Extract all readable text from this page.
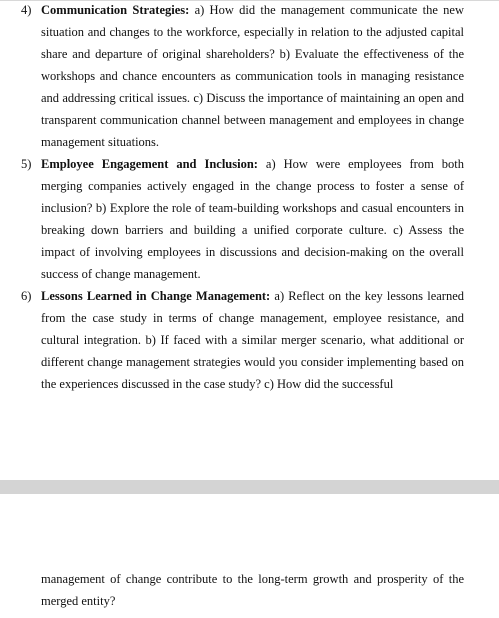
4) Communication Strategies: a) How did the management communicate the new situation and changes to the workforce, especially in relation to the adjusted capital share and departure of original shareholders? b) Evaluate the effectiveness of the workshops and chance encounters as communication tools in managing resistance and addressing critical issues. c) Discuss the importance of maintaining an open and transparent communication channel between management and employees in change management situations.
5) Employee Engagement and Inclusion: a) How were employees from both merging companies actively engaged in the change process to foster a sense of inclusion? b) Explore the role of team-building workshops and casual encounters in breaking down barriers and building a unified corporate culture. c) Assess the impact of involving employees in discussions and decision-making on the overall success of change management.
6) Lessons Learned in Change Management: a) Reflect on the key lessons learned from the case study in terms of change management, employee resistance, and cultural integration. b) If faced with a similar merger scenario, what additional or different change management strategies would you consider implementing based on the experiences discussed in the case study? c) How did the successful
management of change contribute to the long-term growth and prosperity of the merged entity?
